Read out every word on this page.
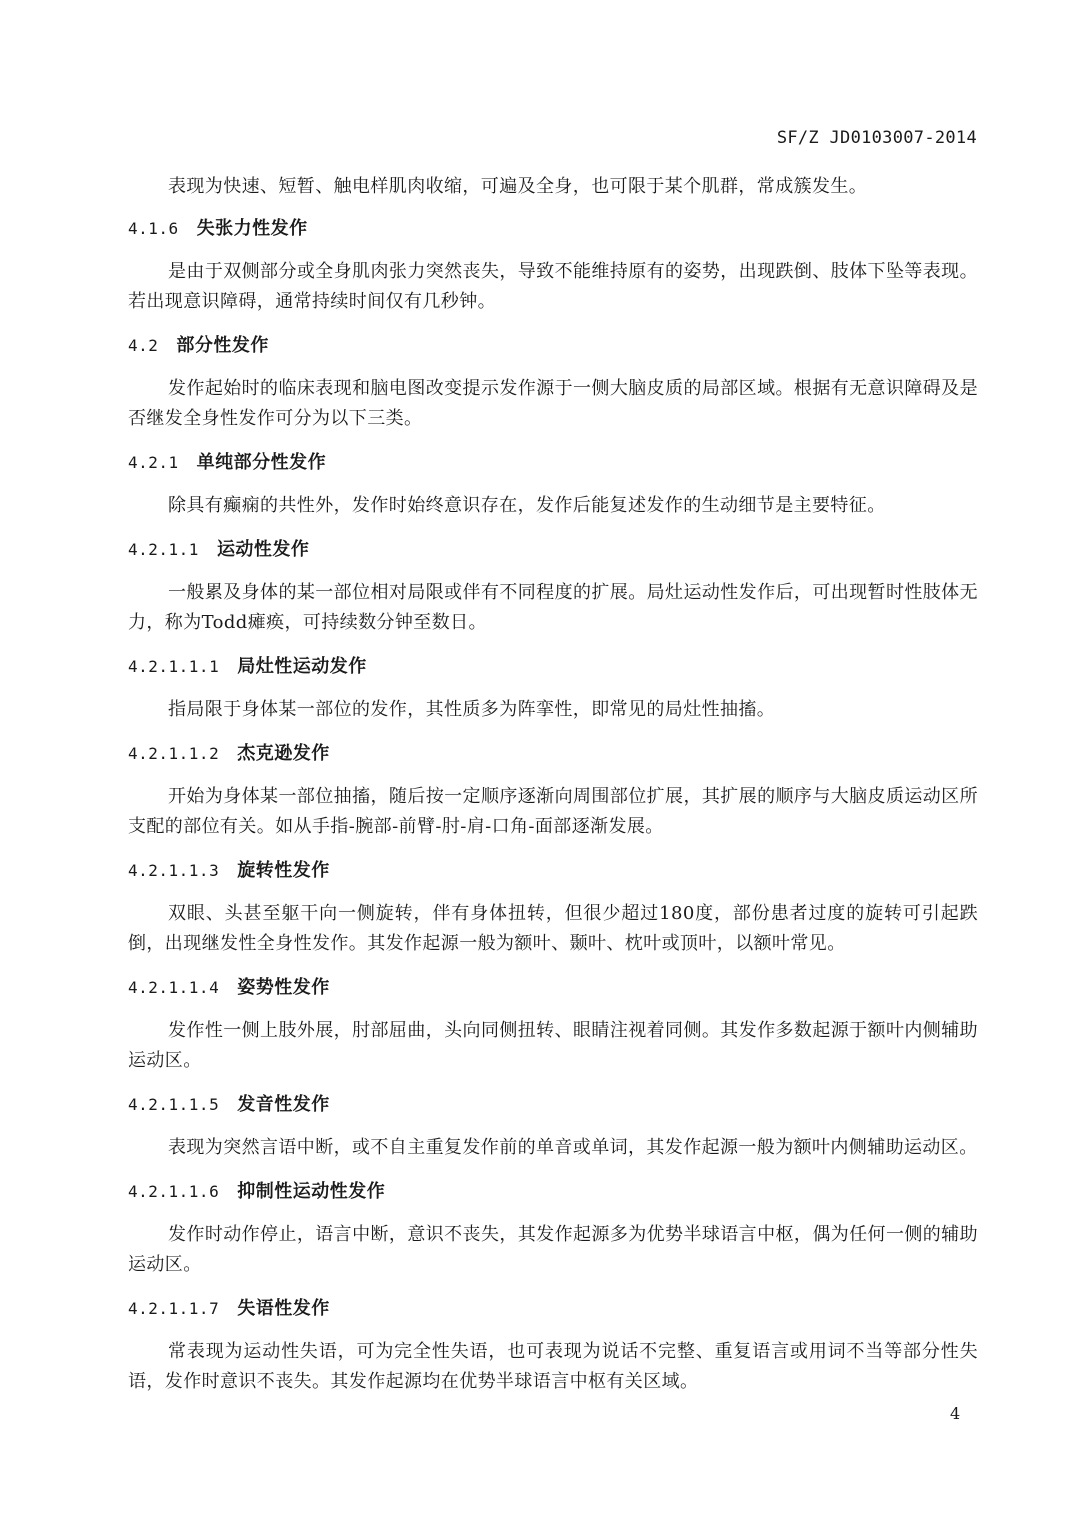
SF/Z JD0103007-2014

表现为快速、短暂、触电样肌肉收缩，可遍及全身，也可限于某个肌群，常成簇发生。

4.1.6 失张力性发作

是由于双侧部分或全身肌肉张力突然丧失，导致不能维持原有的姿势，出现跌倒、肢体下坠等表现。若出现意识障碍，通常持续时间仅有几秒钟。

4.2 部分性发作

发作起始时的临床表现和脑电图改变提示发作源于一侧大脑皮质的局部区域。根据有无意识障碍及是否继发全身性发作可分为以下三类。

4.2.1 单纯部分性发作

除具有癫痫的共性外，发作时始终意识存在，发作后能复述发作的生动细节是主要特征。

4.2.1.1 运动性发作

一般累及身体的某一部位相对局限或伴有不同程度的扩展。局灶运动性发作后，可出现暂时性肢体无力，称为Todd瘫痪，可持续数分钟至数日。

4.2.1.1.1 局灶性运动发作

指局限于身体某一部位的发作，其性质多为阵挛性，即常见的局灶性抽搐。

4.2.1.1.2 杰克逊发作

开始为身体某一部位抽搐，随后按一定顺序逐渐向周围部位扩展，其扩展的顺序与大脑皮质运动区所支配的部位有关。如从手指-腕部-前臂-肘-肩-口角-面部逐渐发展。

4.2.1.1.3 旋转性发作

双眼、头甚至躯干向一侧旋转，伴有身体扭转，但很少超过180度，部份患者过度的旋转可引起跌倒，出现继发性全身性发作。其发作起源一般为额叶、颞叶、枕叶或顶叶，以额叶常见。

4.2.1.1.4 姿势性发作

发作性一侧上肢外展，肘部屈曲，头向同侧扭转、眼睛注视着同侧。其发作多数起源于额叶内侧辅助运动区。

4.2.1.1.5 发音性发作

表现为突然言语中断，或不自主重复发作前的单音或单词，其发作起源一般为额叶内侧辅助运动区。

4.2.1.1.6 抑制性运动性发作

发作时动作停止，语言中断，意识不丧失，其发作起源多为优势半球语言中枢，偶为任何一侧的辅助运动区。

4.2.1.1.7 失语性发作

常表现为运动性失语，可为完全性失语，也可表现为说话不完整、重复语言或用词不当等部分性失语，发作时意识不丧失。其发作起源均在优势半球语言中枢有关区域。

4
